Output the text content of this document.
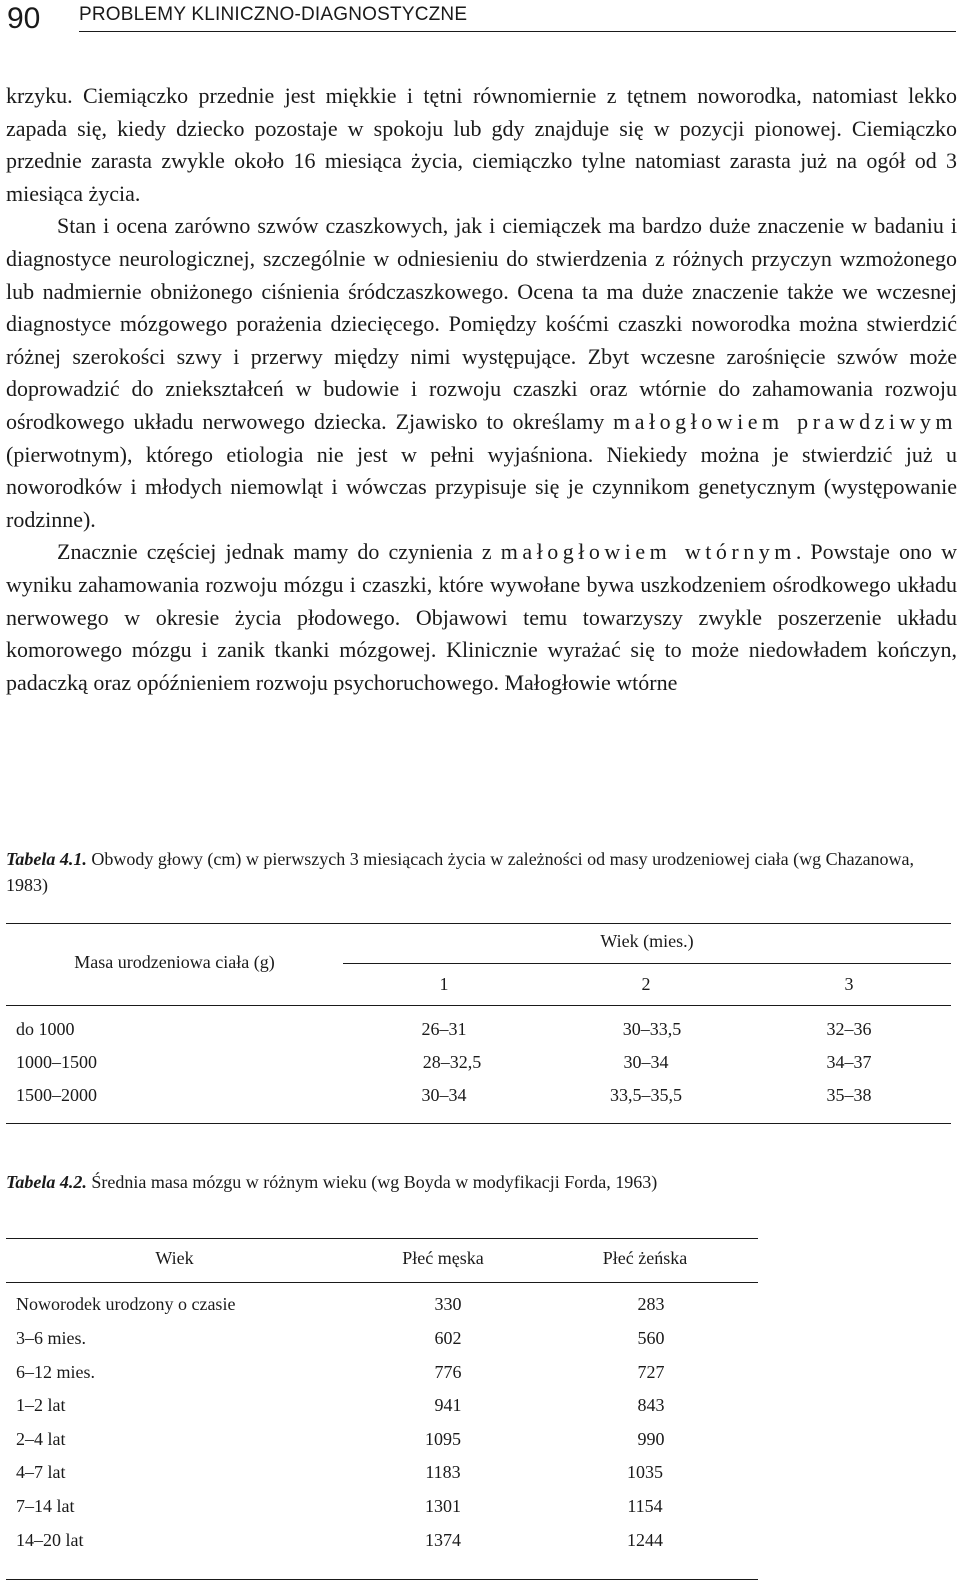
90 PROBLEMY KLINICZNO-DIAGNOSTYCZNE

krzyku. Ciemiączko przednie jest miękkie i tętni równomiernie z tętnem noworodka, natomiast lekko zapada się, kiedy dziecko pozostaje w spokoju lub gdy znajduje się w pozycji pionowej. Ciemiączko przednie zarasta zwykle około 16 miesiąca życia, ciemiączko tylne natomiast zarasta już na ogół od 3 miesiąca życia.

Stan i ocena zarówno szwów czaszkowych, jak i ciemiączek ma bardzo duże znaczenie w badaniu i diagnostyce neurologicznej, szczególnie w odniesieniu do stwierdzenia z różnych przyczyn wzmożonego lub nadmiernie obniżonego ciśnienia śródczaszkowego. Ocena ta ma duże znaczenie także we wczesnej diagnostyce mózgowego porażenia dziecięcego. Pomiędzy kośćmi czaszki noworodka można stwierdzić różnej szerokości szwy i przerwy między nimi występujące. Zbyt wczesne zarośnięcie szwów może doprowadzić do zniekształceń w budowie i rozwoju czaszki oraz wtórnie do zahamowania rozwoju ośrodkowego układu nerwowego dziecka. Zjawisko to określamy małogłowiem prawdziwym (pierwotnym), którego etiologia nie jest w pełni wyjaśniona. Niekiedy można je stwierdzić już u noworodków i młodych niemowląt i wówczas przypisuje się je czynnikom genetycznym (występowanie rodzinne).

Znacznie częściej jednak mamy do czynienia z małogłowiem wtórnym. Powstaje ono w wyniku zahamowania rozwoju mózgu i czaszki, które wywołane bywa uszkodzeniem ośrodkowego układu nerwowego w okresie życia płodowego. Objawowi temu towarzyszy zwykle poszerzenie układu komorowego mózgu i zanik tkanki mózgowej. Klinicznie wyrażać się to może niedowładem kończyn, padaczką oraz opóźnieniem rozwoju psychoruchowego. Małogłowie wtórne

Tabela 4.1. Obwody głowy (cm) w pierwszych 3 miesiącach życia w zależności od masy urodzeniowej ciała (wg Chazanowa, 1983)
Masa urodzeniowa ciała (g)
Wiek (mies.)
1	2	3
do 1000	26–31	30–33,5	32–36
1000–1500	28–32,5	30–34	34–37
1500–2000	30–34	33,5–35,5	35–38
Tabela 4.2. Średnia masa mózgu w różnym wieku (wg Boyda w modyfikacji Forda, 1963)
Wiek	Płeć męska	Płeć żeńska
Noworodek urodzony o czasie	330	283
3–6 mies.	602	560
6–12 mies.	776	727
1–2 lat	941	843
2–4 lat	1095	990
4–7 lat	1183	1035
7–14 lat	1301	1154
14–20 lat	1374	1244
